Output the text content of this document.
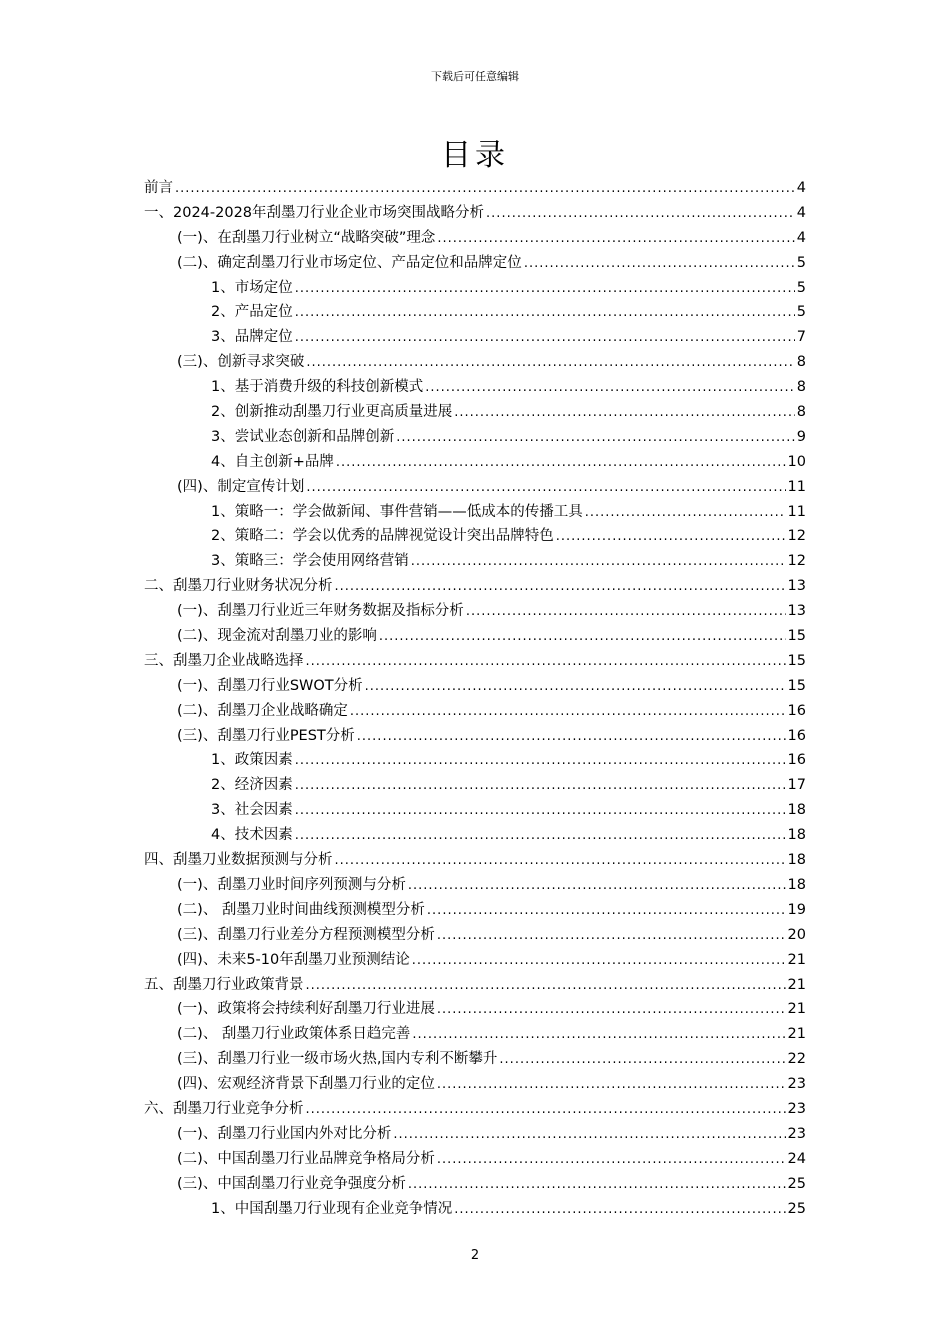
下载后可任意编辑
目录
前言 .....	4
一、2024-2028年刮墨刀行业企业市场突围战略分析 .....	4
(一)、在刮墨刀行业树立“战略突破”理念 .....	4
(二)、确定刮墨刀行业市场定位、产品定位和品牌定位 .....	5
1、市场定位 .....	5
2、产品定位 .....	5
3、品牌定位 .....	7
(三)、创新寻求突破 .....	8
1、基于消费升级的科技创新模式 .....	8
2、创新推动刮墨刀行业更高质量进展 .....	8
3、尝试业态创新和品牌创新 .....	9
4、自主创新+品牌 .....	10
(四)、制定宣传计划 .....	11
1、策略一：学会做新闻、事件营销——低成本的传播工具 .....	11
2、策略二：学会以优秀的品牌视觉设计突出品牌特色 .....	12
3、策略三：学会使用网络营销 .....	12
二、刮墨刀行业财务状况分析 .....	13
(一)、刮墨刀行业近三年财务数据及指标分析 .....	13
(二)、现金流对刮墨刀业的影响 .....	15
三、刮墨刀企业战略选择 .....	15
(一)、刮墨刀行业SWOT分析 .....	15
(二)、刮墨刀企业战略确定 .....	16
(三)、刮墨刀行业PEST分析 .....	16
1、政策因素 .....	16
2、经济因素 .....	17
3、社会因素 .....	18
4、技术因素 .....	18
四、刮墨刀业数据预测与分析 .....	18
(一)、刮墨刀业时间序列预测与分析 .....	18
(二)、 刮墨刀业时间曲线预测模型分析 .....	19
(三)、刮墨刀行业差分方程预测模型分析 .....	20
(四)、未来5-10年刮墨刀业预测结论 .....	21
五、刮墨刀行业政策背景 .....	21
(一)、政策将会持续利好刮墨刀行业进展 .....	21
(二)、 刮墨刀行业政策体系日趋完善 .....	21
(三)、刮墨刀行业一级市场火热,国内专利不断攀升 .....	22
(四)、宏观经济背景下刮墨刀行业的定位 .....	23
六、刮墨刀行业竞争分析 .....	23
(一)、刮墨刀行业国内外对比分析 .....	23
(二)、中国刮墨刀行业品牌竞争格局分析 .....	24
(三)、中国刮墨刀行业竞争强度分析 .....	25
1、中国刮墨刀行业现有企业竞争情况 .....	25
2
